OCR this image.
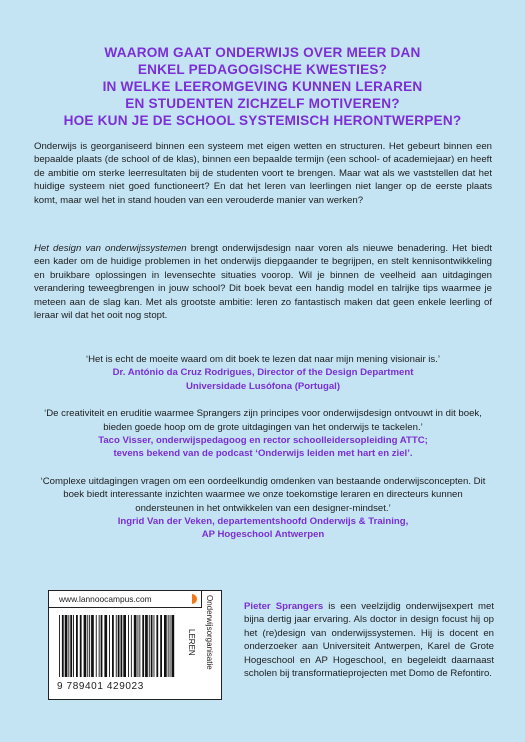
WAAROM GAAT ONDERWIJS OVER MEER DAN
ENKEL PEDAGOGISCHE KWESTIES?
IN WELKE LEEROMGEVING KUNNEN LERAREN
EN STUDENTEN ZICHZELF MOTIVEREN?
HOE KUN JE DE SCHOOL SYSTEMISCH HERONTWERPEN?
Onderwijs is georganiseerd binnen een systeem met eigen wetten en structuren. Het gebeurt binnen een bepaalde plaats (de school of de klas), binnen een bepaalde termijn (een school- of academiejaar) en heeft de ambitie om sterke leerresultaten bij de studenten voort te brengen. Maar wat als we vaststellen dat het huidige systeem niet goed functioneert? En dat het leren van leerlingen niet langer op de eerste plaats komt, maar wel het in stand houden van een verouderde manier van werken?
Het design van onderwijssystemen brengt onderwijsdesign naar voren als nieuwe benadering. Het biedt een kader om de huidige problemen in het onderwijs diepgaander te begrijpen, en stelt kennisontwikkeling en bruikbare oplossingen in levensechte situaties voorop. Wil je binnen de veelheid aan uitdagingen verandering teweegbrengen in jouw school? Dit boek bevat een handig model en talrijke tips waarmee je meteen aan de slag kan. Met als grootste ambitie: leren zo fantastisch maken dat geen enkele leerling of leraar wil dat het ooit nog stopt.
‘Het is echt de moeite waard om dit boek te lezen dat naar mijn mening visionair is.’
Dr. António da Cruz Rodrigues, Director of the Design Department
Universidade Lusófona (Portugal)
‘De creativiteit en eruditie waarmee Sprangers zijn principes voor onderwijsdesign ontvouwt in dit boek, bieden goede hoop om de grote uitdagingen van het onderwijs te tackelen.’
Taco Visser, onderwijspedagoog en rector schoolleidersopleiding ATTC;
tevens bekend van de podcast ‘Onderwijs leiden met hart en ziel’.
‘Complexe uitdagingen vragen om een oordeelkundig omdenken van bestaande onderwijsconcepten. Dit boek biedt interessante inzichten waarmee we onze toekomstige leraren en directeurs kunnen ondersteunen in het ontwikkelen van een designer-mindset.’
Ingrid Van der Veken, departementshoofd Onderwijs & Training,
AP Hogeschool Antwerpen
www.lannoocampus.com
9 789401 429023
LEREN Onderwijsorganisatie	Pieter Sprangers is een veelzijdig onderwijsexpert met bijna dertig jaar ervaring. Als doctor in design focust hij op het (re)design van onderwijssystemen. Hij is docent en onderzoeker aan Universiteit Antwerpen, Karel de Grote Hogeschool en AP Hogeschool, en begeleidt daarnaast scholen bij transformatieprojecten met Domo de Refontiro.
